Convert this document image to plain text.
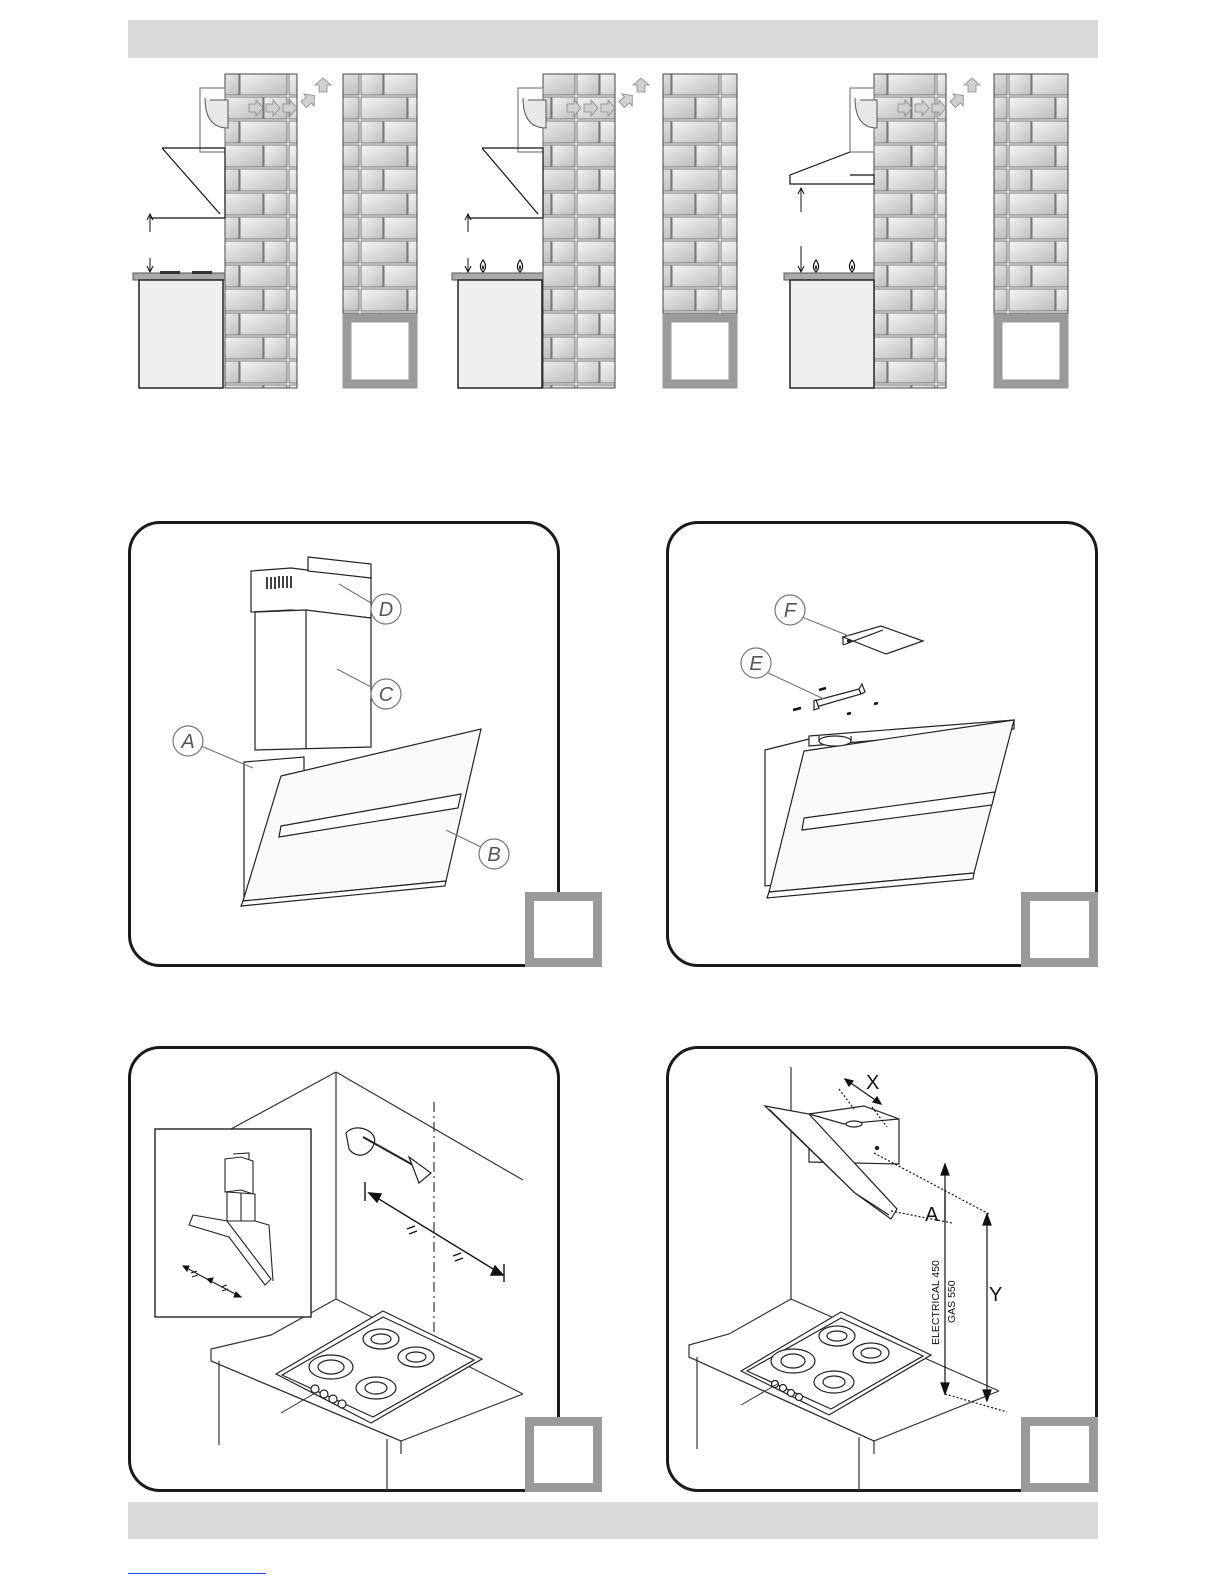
D
C
A
B
F
E
X
A
Y
ELECTRICAL 450 GAS 550
